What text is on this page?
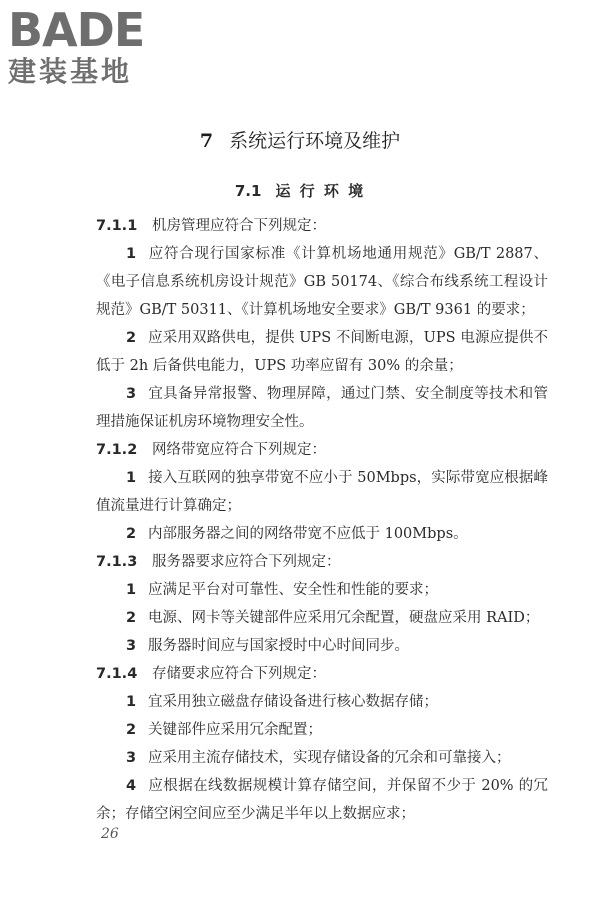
BADE
建装基地
7 系统运行环境及维护
7.1 运 行 环 境
7.1.1 机房管理应符合下列规定：
1 应符合现行国家标准《计算机场地通用规范》GB/T 2887、《电子信息系统机房设计规范》GB 50174、《综合布线系统工程设计规范》GB/T 50311、《计算机场地安全要求》GB/T 9361 的要求；
2 应采用双路供电，提供 UPS 不间断电源，UPS 电源应提供不低于 2h 后备供电能力，UPS 功率应留有 30% 的余量；
3 宜具备异常报警、物理屏障，通过门禁、安全制度等技术和管理措施保证机房环境物理安全性。
7.1.2 网络带宽应符合下列规定：
1 接入互联网的独享带宽不应小于 50Mbps，实际带宽应根据峰值流量进行计算确定；
2 内部服务器之间的网络带宽不应低于 100Mbps。
7.1.3 服务器要求应符合下列规定：
1 应满足平台对可靠性、安全性和性能的要求；
2 电源、网卡等关键部件应采用冗余配置，硬盘应采用 RAID；
3 服务器时间应与国家授时中心时间同步。
7.1.4 存储要求应符合下列规定：
1 宜采用独立磁盘存储设备进行核心数据存储；
2 关键部件应采用冗余配置；
3 应采用主流存储技术，实现存储设备的冗余和可靠接入；
4 应根据在线数据规模计算存储空间，并保留不少于 20% 的冗余；存储空闲空间应至少满足半年以上数据应求；
26
